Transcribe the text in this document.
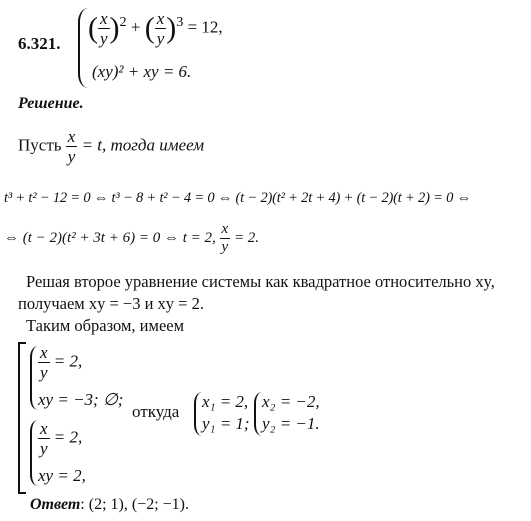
6.321. ( $\frac{x}{y} )^2$ + ( $\frac{x}{y} )^3 = 12$,
(xy)² + xy = 6.
Решение.
Пусть $\frac{x}{y} = t$, тогда имеем
t³ + t² − 12 = 0 ⇔ t³ − 8 + t² − 4 = 0 ⇔ (t − 2)(t² + 2t + 4) + (t − 2)(t + 2) = 0 ⇔
⇔ (t − 2)(t² + 3t + 6) = 0 ⇔ t = 2, $\frac{x}{y} = 2$.
Решая второе уравнение системы как квадратное относительно xy,
получаем xy = −3 и xy = 2.
Таким образом, имеем
$\frac{x}{y} = 2$,
xy = −3; ∅;
$\frac{x}{y} = 2$,
xy = 2,
откуда
x₁ = 2,
y₁ = 1;
x₂ = −2,
y₂ = −1.
Ответ: (2; 1), (−2; −1).
